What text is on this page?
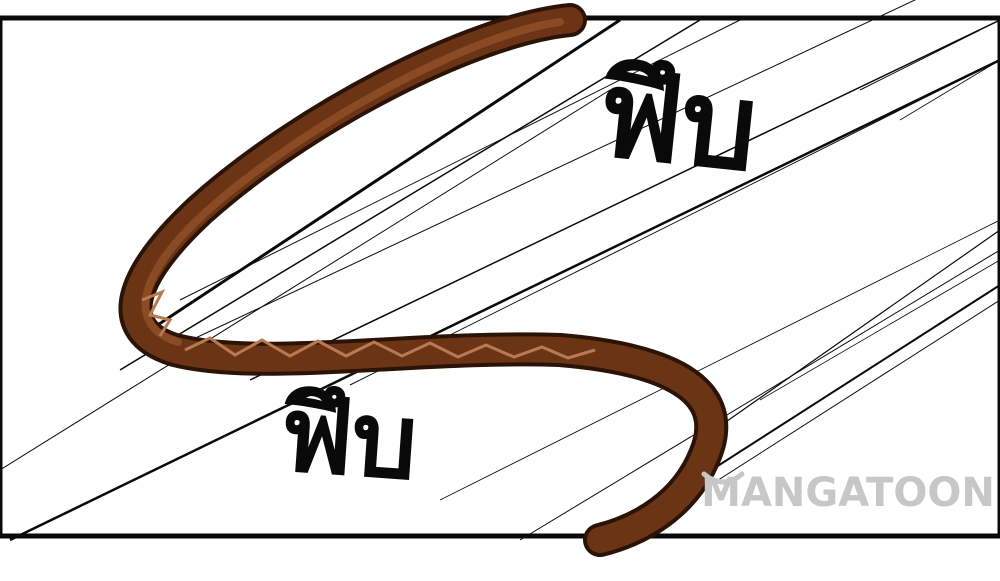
ฟึบ
ฟึบ	MANGATOON
